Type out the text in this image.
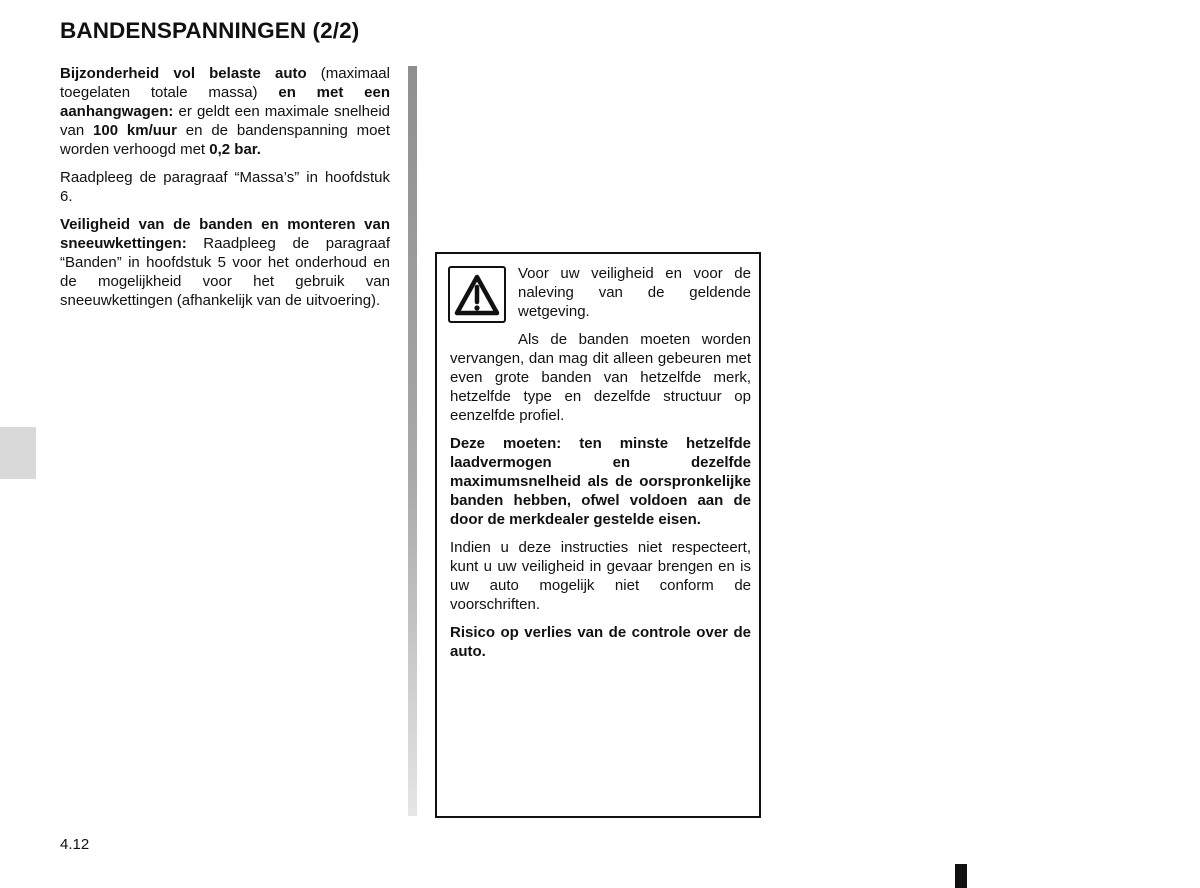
BANDENSPANNINGEN (2/2)

Bijzonderheid vol belaste auto (maximaal toegelaten totale massa) en met een aanhangwagen: er geldt een maximale snelheid van 100 km/uur en de bandenspanning moet worden verhoogd met 0,2 bar.

Raadpleeg de paragraaf “Massa’s” in hoofdstuk 6.

Veiligheid van de banden en monteren van sneeuwkettingen: Raadpleeg de paragraaf “Banden” in hoofdstuk 5 voor het onderhoud en de mogelijkheid voor het gebruik van sneeuwkettingen (afhankelijk van de uitvoering).

Voor uw veiligheid en voor de naleving van de geldende wetgeving.

Als de banden moeten worden vervangen, dan mag dit alleen gebeuren met even grote banden van hetzelfde merk, hetzelfde type en dezelfde structuur op eenzelfde profiel.

Deze moeten: ten minste hetzelfde laadvermogen en dezelfde maximumsnelheid als de oorspronkelijke banden hebben, ofwel voldoen aan de door de merkdealer gestelde eisen.

Indien u deze instructies niet respecteert, kunt u uw veiligheid in gevaar brengen en is uw auto mogelijk niet conform de voorschriften.

Risico op verlies van de controle over de auto.

4.12
